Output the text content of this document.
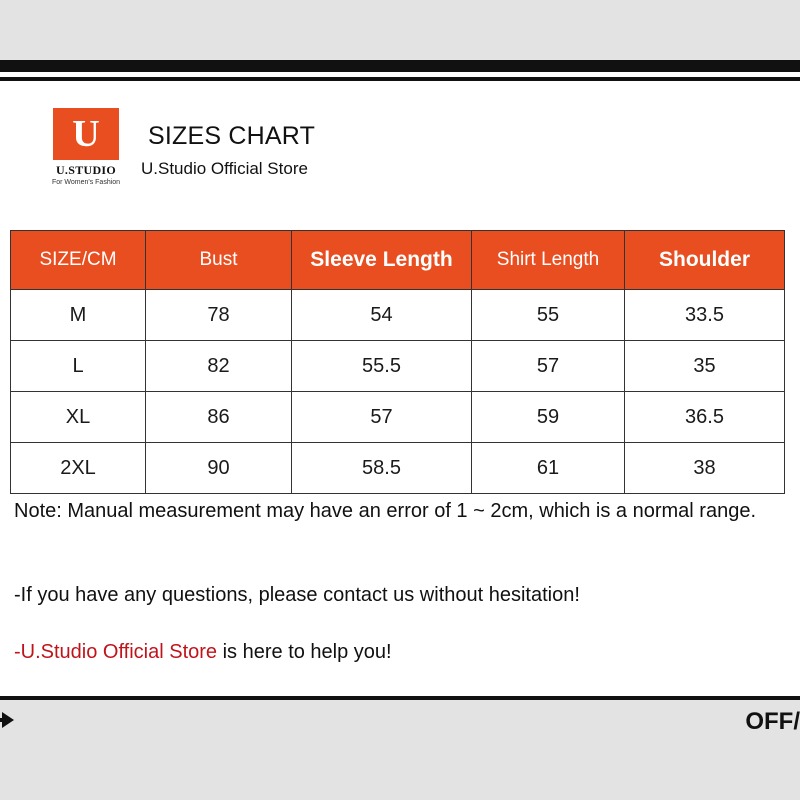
U
U.STUDIO
For Women's Fashion
SIZES CHART
U.Studio Official Store
SIZE/CM	Bust	Sleeve Length	Shirt Length	Shoulder
M	78	54	55	33.5
L	82	55.5	57	35
XL	86	57	59	36.5
2XL	90	58.5	61	38
Note: Manual measurement may have an error of 1 ~ 2cm, which is a normal range.
-If you have any questions, please contact us without hesitation!
-U.Studio Official Store is here to help you!
OFF/
